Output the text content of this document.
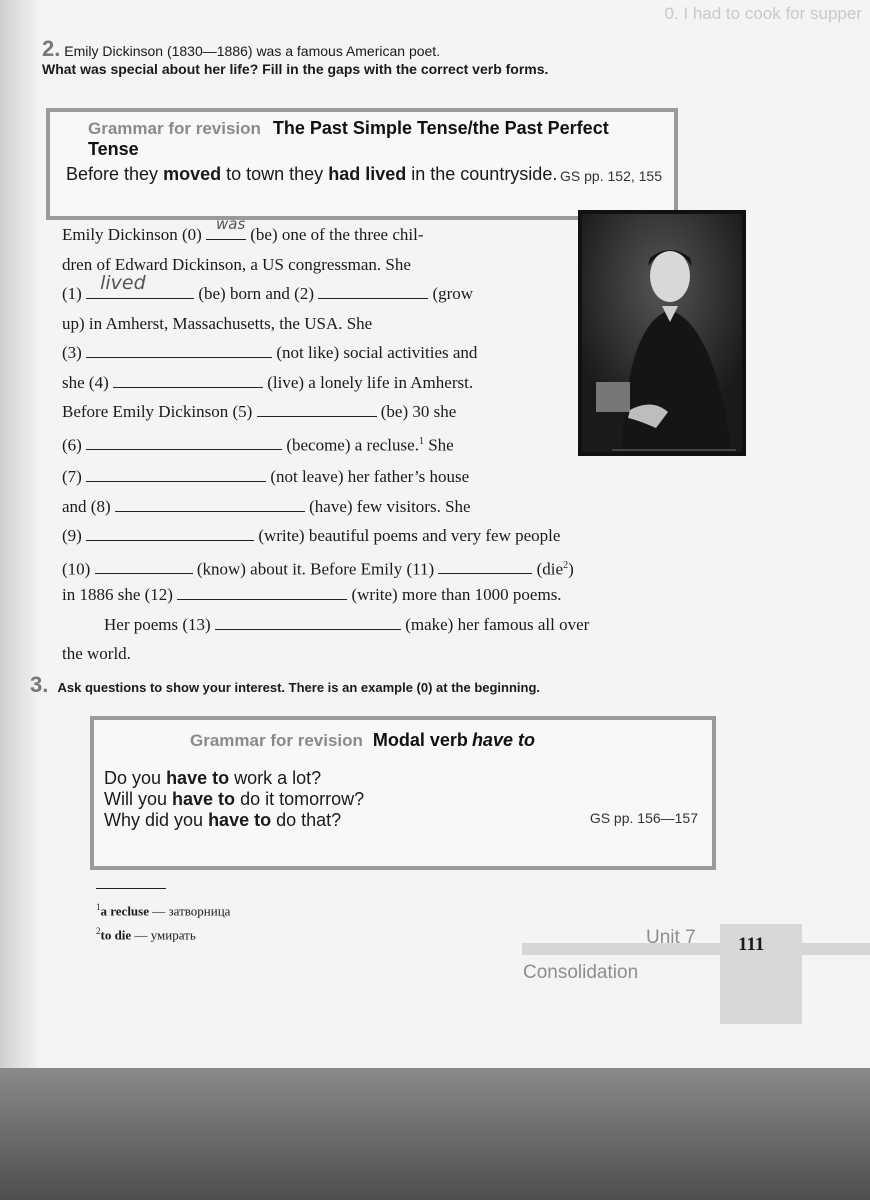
0. I had to cook for supper
2. Emily Dickinson (1830—1886) was a famous American poet.
What was special about her life? Fill in the gaps with the correct verb forms.
Grammar for revision The Past Simple Tense/the Past Perfect Tense
Before they moved to town they had lived in the countryside. GS pp. 152, 155
Emily Dickinson (0)
was
(be) one of the three chil-
dren of Edward Dickinson, a US congressman. She
(1) lived	(be) born and (2)	(grow
up) in Amherst, Massachusetts, the USA. She
(3)	(not like) social activities and
she (4)	(live) a lonely life in Amherst.
Before Emily Dickinson (5)	(be) 30 she
(6)	(become) a recluse.$^1$ She
(7)	(not leave) her father’s house
and (8)	(have) few visitors. She
(9)	(write) beautiful poems and very few people
(10)	(know) about it. Before Emily (11)	(die$^2$)
in 1886 she (12)	(write) more than 1000 poems.
Her poems (13)	(make) her famous all over
the world.
3. Ask questions to show your interest. There is an example (0) at the beginning.
Grammar for revision Modal verb have to
Do you have to work a lot?
Will you have to do it tomorrow?
Why did you have to do that?	GS pp. 156—157
$^1$a recluse — затворница
$^2$to die — умирать	Unit 7 111
Consolidation
